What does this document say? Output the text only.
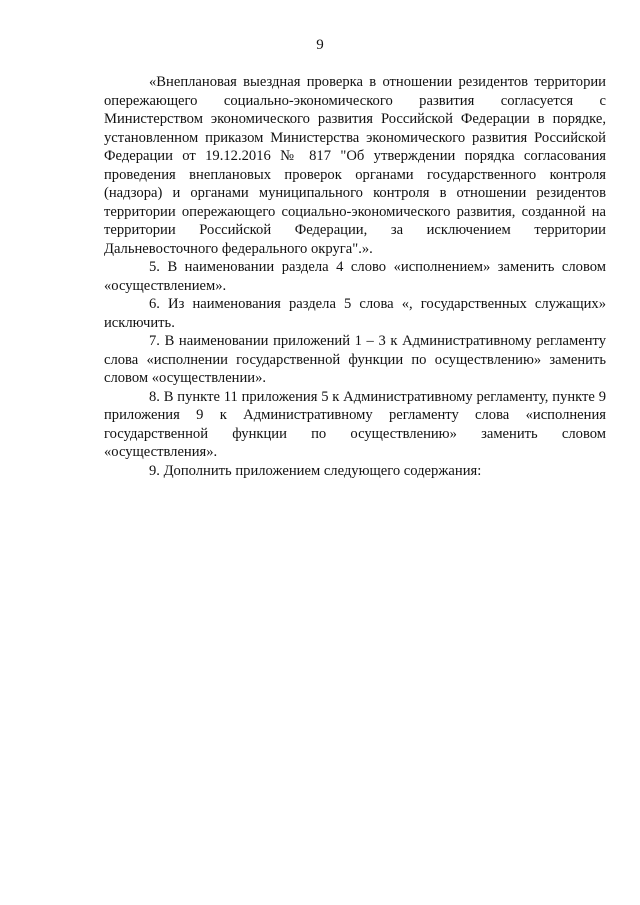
9

«Внеплановая выездная проверка в отношении резидентов территории опережающего социально-экономического развития согласуется с Министерством экономического развития Российской Федерации в порядке, установленном приказом Министерства экономического развития Российской Федерации от 19.12.2016 № 817 "Об утверждении порядка согласования проведения внеплановых проверок органами государственного контроля (надзора) и органами муниципального контроля в отношении резидентов территории опережающего социально-экономического развития, созданной на территории Российской Федерации, за исключением территории Дальневосточного федерального округа".».

5. В наименовании раздела 4 слово «исполнением» заменить словом «осуществлением».

6. Из наименования раздела 5 слова «, государственных служащих» исключить.

7. В наименовании приложений 1 – 3 к Административному регламенту слова «исполнении государственной функции по осуществлению» заменить словом «осуществлении».

8. В пункте 11 приложения 5 к Административному регламенту, пункте 9 приложения 9 к Административному регламенту слова «исполнения государственной функции по осуществлению» заменить словом «осуществления».

9. Дополнить приложением следующего содержания:
